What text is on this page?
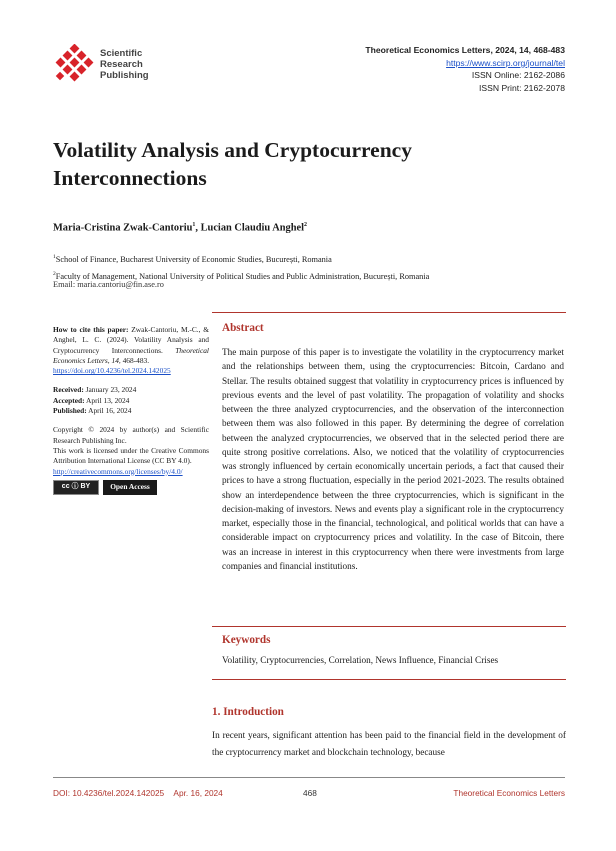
Scientific
Research
Publishing
Theoretical Economics Letters, 2024, 14, 468-483
https://www.scirp.org/journal/tel
ISSN Online: 2162-2086
ISSN Print: 2162-2078
Volatility Analysis and Cryptocurrency
Interconnections
Maria-Cristina Zwak-Cantoriu$^1$, Lucian Claudiu Anghel$^2$
$^1$School of Finance, Bucharest University of Economic Studies, București, Romania
$^2$Faculty of Management, National University of Political Studies and Public Administration, București, Romania
Email: maria.cantoriu@fin.ase.ro

How to cite this paper: Zwak-Cantoriu, M.-C., & Anghel, L. C. (2024). Volatility Analysis and Cryptocurrency Interconnections. Theoretical Economics Letters, 14, 468-483.
https://doi.org/10.4236/tel.2024.142025

Received: January 23, 2024
Accepted: April 13, 2024
Published: April 16, 2024

Copyright © 2024 by author(s) and Scientific Research Publishing Inc.
This work is licensed under the Creative Commons Attribution International License (CC BY 4.0).
http://creativecommons.org/licenses/by/4.0/

cc ⓘ BY	Open Access
Abstract

The main purpose of this paper is to investigate the volatility in the cryptocurrency market and the relationships between them, using the cryptocurrencies: Bitcoin, Cardano and Stellar. The results obtained suggest that volatility in cryptocurrency prices is influenced by previous events and the level of past volatility. The propagation of volatility and shocks between the three analyzed cryptocurrencies, and the observation of the interconnection between them was also followed in this paper. By determining the degree of correlation between the analyzed cryptocurrencies, we observed that in the selected period there are quite strong positive correlations. Also, we noticed that the volatility of cryptocurrencies was strongly influenced by certain economically uncertain periods, a fact that caused their prices to have a strong fluctuation, especially in the period 2021-2023. The results obtained show an interdependence between the three cryptocurrencies, which is significant in the decision-making of investors. News and events play a significant role in the cryptocurrency market, especially those in the financial, technological, and political worlds that can have a considerable impact on cryptocurrency prices and volatility. In the case of Bitcoin, there was an increase in interest in this cryptocurrency when there were investments from large companies and financial institutions.

Keywords

Volatility, Cryptocurrencies, Correlation, News Influence, Financial Crises

1. Introduction

In recent years, significant attention has been paid to the financial field in the development of the cryptocurrency market and blockchain technology, because

DOI: 10.4236/tel.2024.142025 Apr. 16, 2024	468	Theoretical Economics Letters
